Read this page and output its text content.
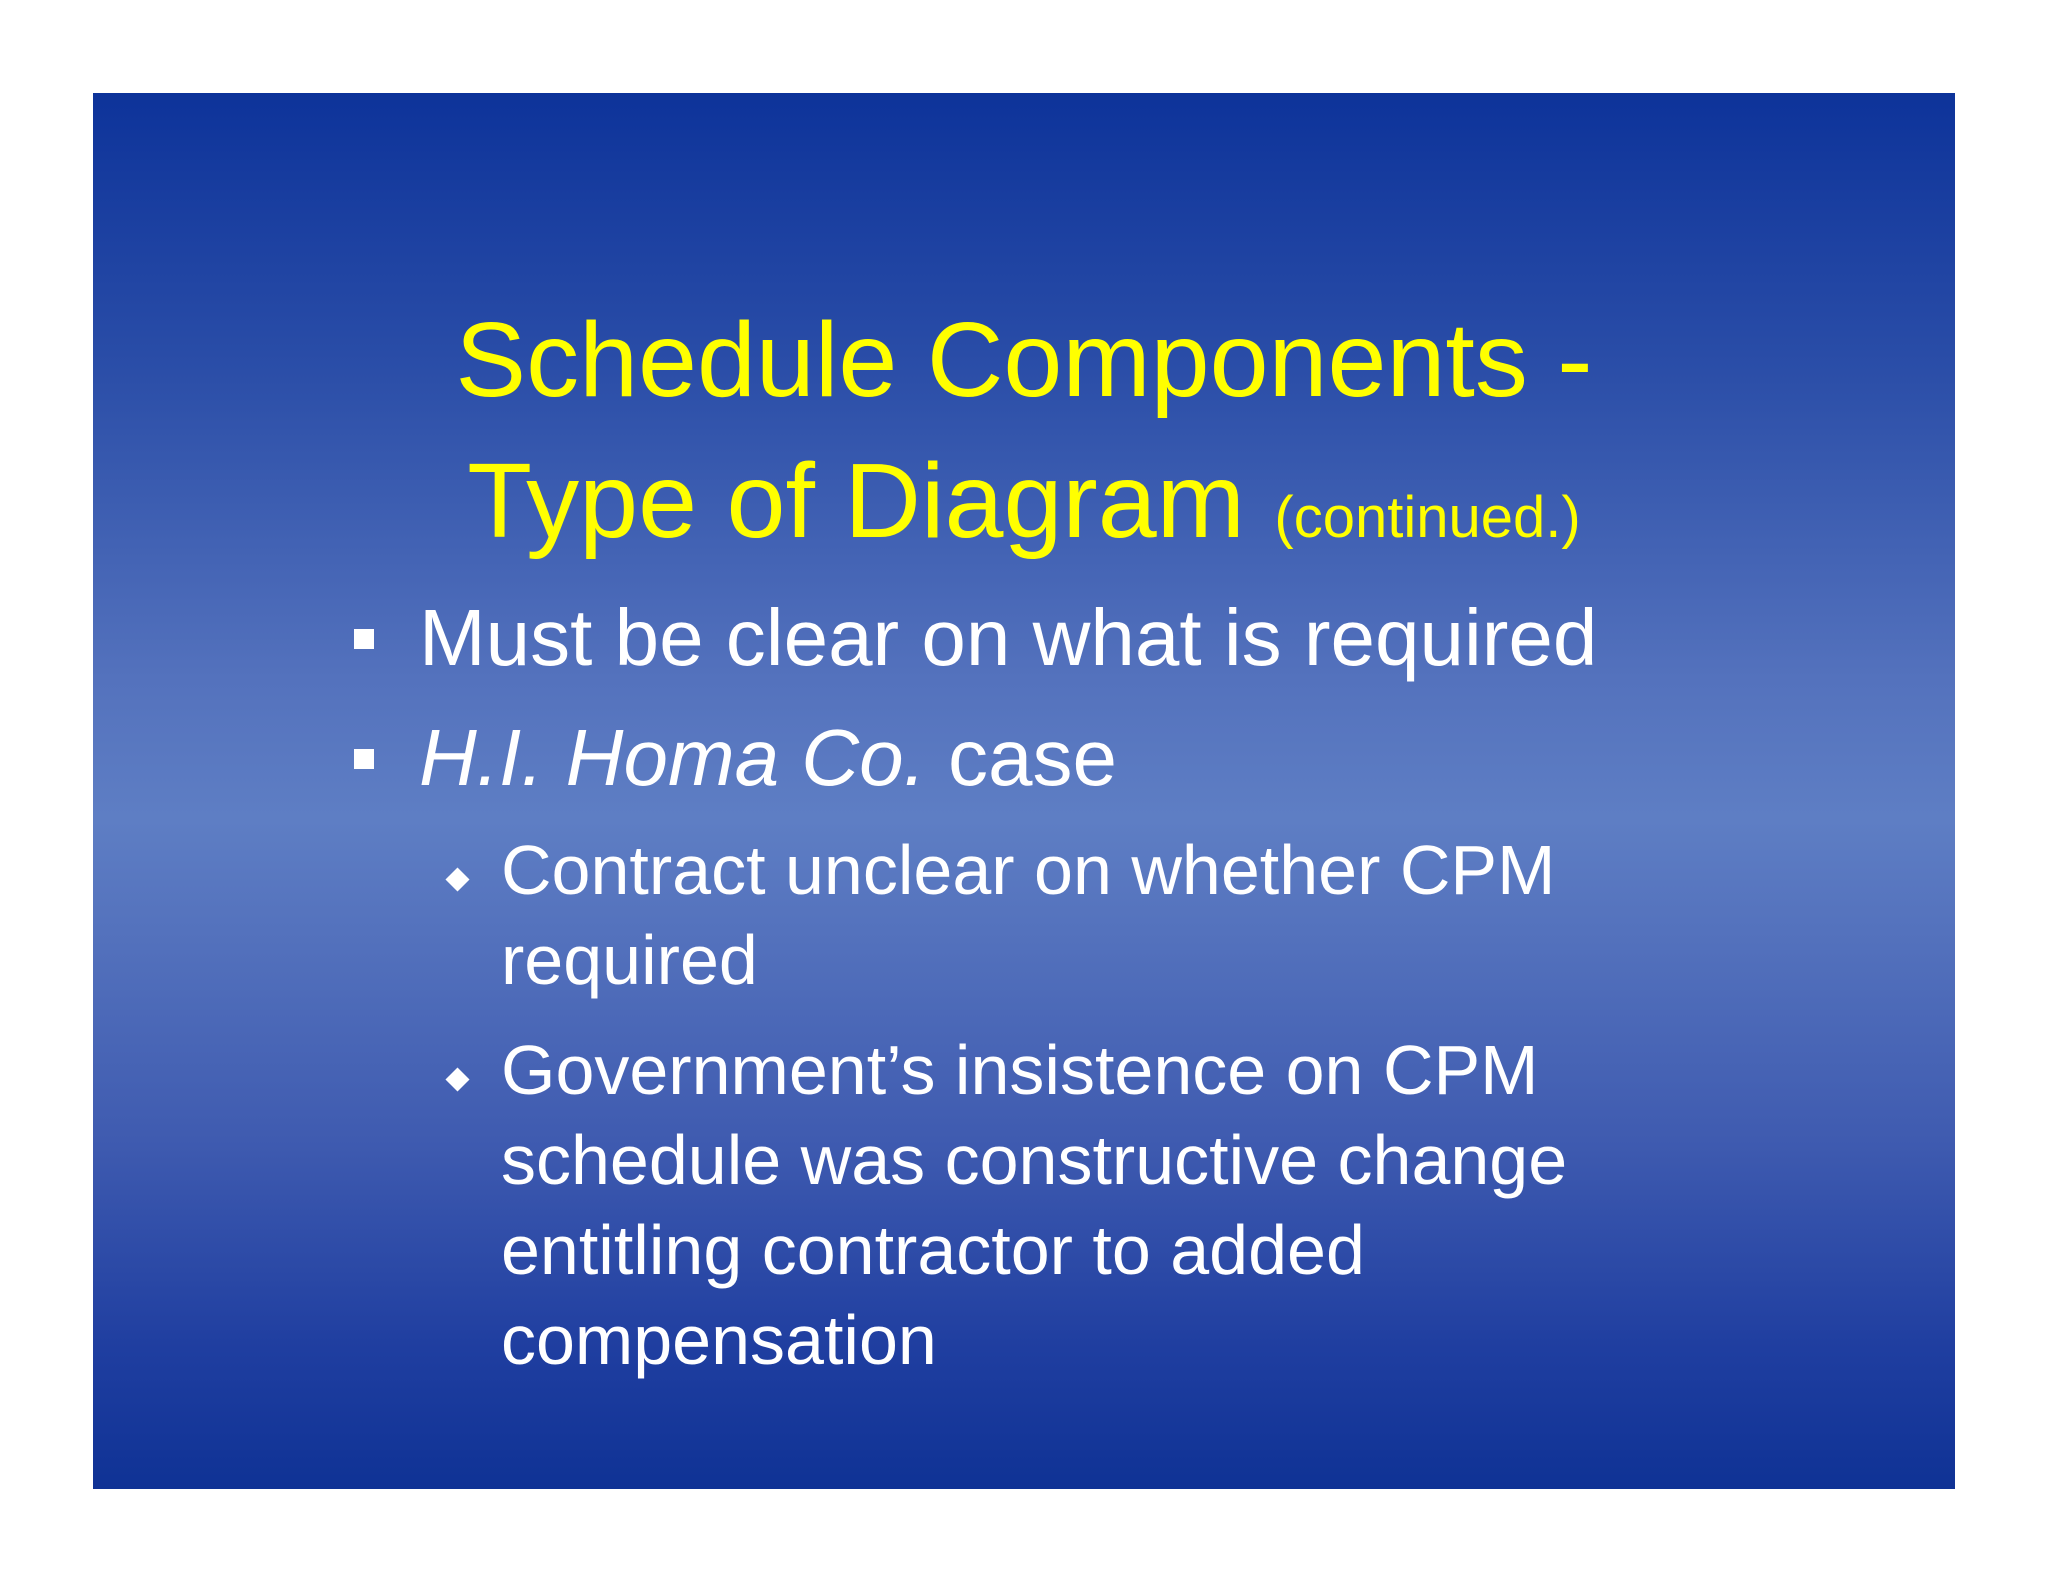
Schedule Components -
Type of Diagram (continued.)
Must be clear on what is required
H.I. Homa Co. case
Contract unclear on whether CPM
required
Government’s insistence on CPM
schedule was constructive change
entitling contractor to added
compensation
